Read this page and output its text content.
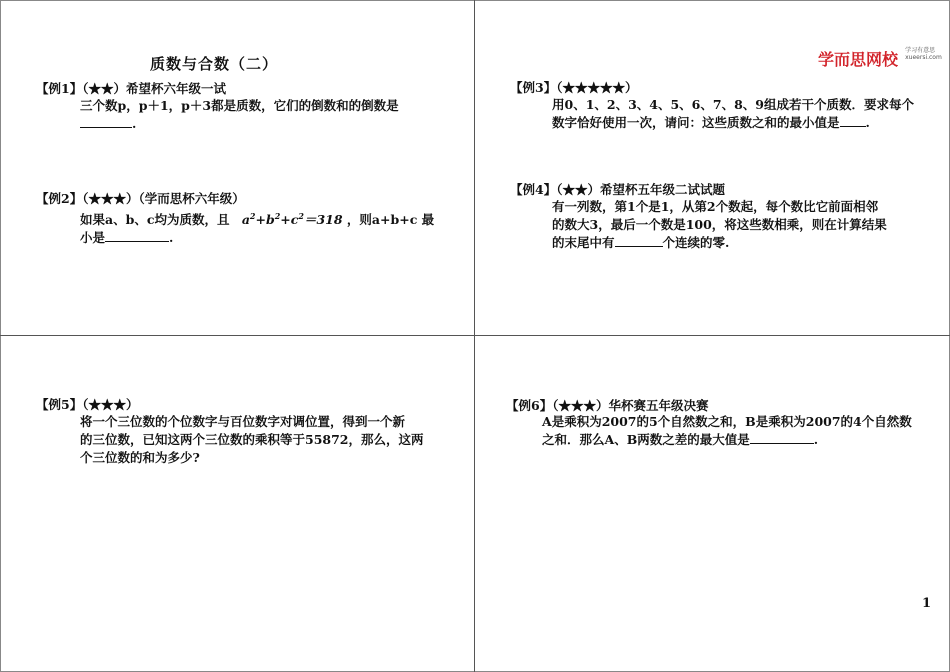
质数与合数（二）	学而思网校 学习有意思
xueersi.com
【例1】（★★）希望杯六年级一试
三个数p，p＋1，p＋3都是质数，它们的倒数和的倒数是
.
【例2】（★★★）（学而思杯六年级）
如果a、b、c均为质数，且 $a^2+b^2+c^2=318$ ，则a+b+c 最
小是	.
【例3】（★★★★★）
用0、1、2、3、4、5、6、7、8、9组成若干个质数．要求每个
数字恰好使用一次，请问：这些质数之和的最小值是 .
【例4】（★★）希望杯五年级二试试题
有一列数，第1个是1，从第2个数起，每个数比它前面相邻
的数大3，最后一个数是100，将这些数相乘，则在计算结果
的末尾中有	个连续的零.
【例5】（★★★）
将一个三位数的个位数字与百位数字对调位置，得到一个新
的三位数，已知这两个三位数的乘积等于55872，那么，这两
个三位数的和为多少?
【例6】（★★★）华杯赛五年级决赛
A是乘积为2007的5个自然数之和，B是乘积为2007的4个自然数
之和．那么A、B两数之差的最大值是	.
1
